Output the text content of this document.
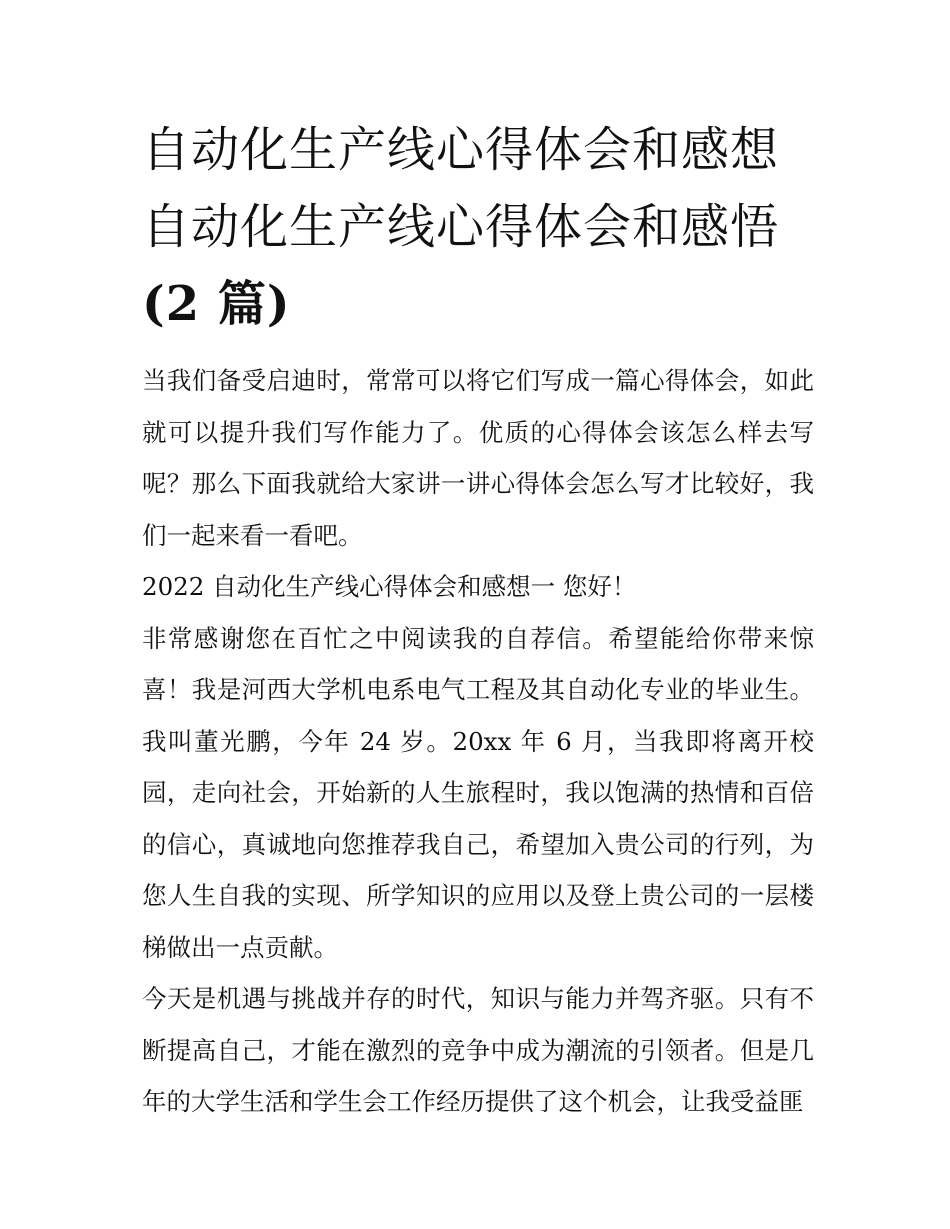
自动化生产线心得体会和感想
自动化生产线心得体会和感悟
(2 篇)

当我们备受启迪时，常常可以将它们写成一篇心得体会，如此就可以提升我们写作能力了。优质的心得体会该怎么样去写呢？那么下面我就给大家讲一讲心得体会怎么写才比较好，我们一起来看一看吧。

2022 自动化生产线心得体会和感想一 您好！

非常感谢您在百忙之中阅读我的自荐信。希望能给你带来惊喜！我是河西大学机电系电气工程及其自动化专业的毕业生。我叫董光鹏，今年 24 岁。20xx 年 6 月，当我即将离开校园，走向社会，开始新的人生旅程时，我以饱满的热情和百倍的信心，真诚地向您推荐我自己，希望加入贵公司的行列，为您人生自我的实现、所学知识的应用以及登上贵公司的一层楼梯做出一点贡献。

今天是机遇与挑战并存的时代，知识与能力并驾齐驱。只有不断提高自己，才能在激烈的竞争中成为潮流的引领者。但是几年的大学生活和学生会工作经历提供了这个机会，让我受益匪
